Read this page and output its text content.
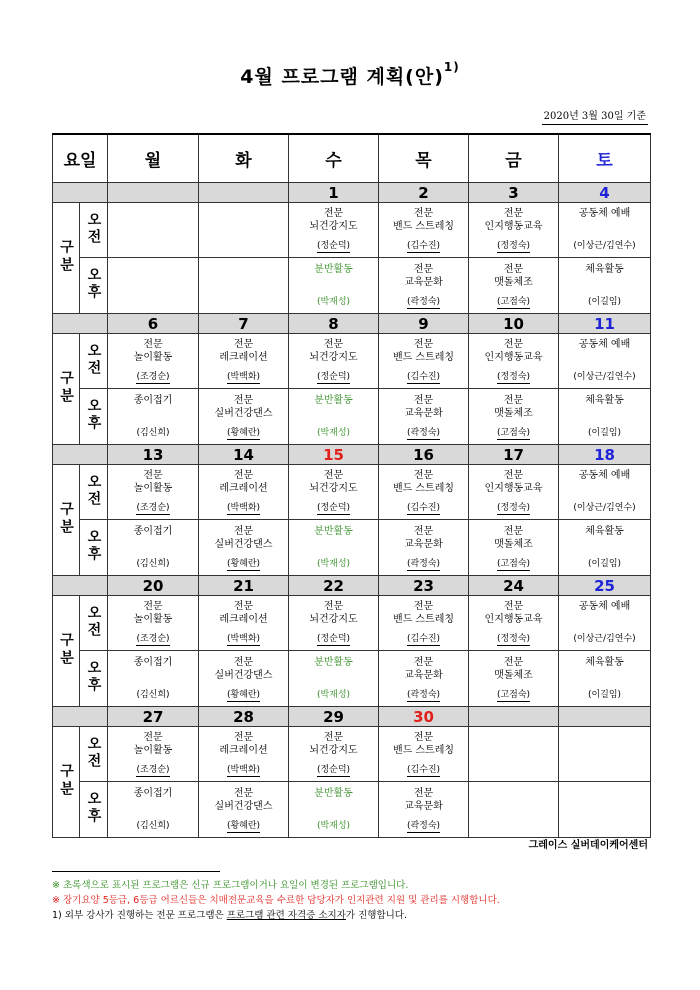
4월 프로그램 계획(안)$^{1)}$
2020년 3월 30일 기준
요일		월	화	수	목	금	토
				1	2	3	4
구분	오전			전문
뇌건강지도
(정순덕)	전문
밴드 스트레칭
(김수진)	전문
인지행동교육
(정정숙)	공동체 예배
(이상근/김연수)

	오후			분반활동
(박재성)	전문
교육문화
(곽정숙)	전문
맷돌체조
(고점숙)	체육활동
(이길임)

		6	7	8	9	10	11
구분	오전	전문
놀이활동
(조경순)	전문
레크레이션
(박백화)	전문
뇌건강지도
(정순덕)	전문
밴드 스트레칭
(김수진)	전문
인지행동교육
(정정숙)	공동체 예배
(이상근/김연수)

	오후	종이접기
(김신희)	전문
실버건강댄스
(황혜란)	분반활동
(박재성)	전문
교육문화
(곽정숙)	전문
맷돌체조
(고점숙)	체육활동
(이길임)

		13	14	15	16	17	18
구분	오전	전문
놀이활동
(조경순)	전문
레크레이션
(박백화)	전문
뇌건강지도
(정순덕)	전문
밴드 스트레칭
(김수진)	전문
인지행동교육
(정정숙)	공동체 예배
(이상근/김연수)

	오후	종이접기
(김신희)	전문
실버건강댄스
(황혜란)	분반활동
(박재성)	전문
교육문화
(곽정숙)	전문
맷돌체조
(고점숙)	체육활동
(이길임)

		20	21	22	23	24	25
구분	오전	전문
놀이활동
(조경순)	전문
레크레이션
(박백화)	전문
뇌건강지도
(정순덕)	전문
밴드 스트레칭
(김수진)	전문
인지행동교육
(정정숙)	공동체 예배
(이상근/김연수)

	오후	종이접기
(김신희)	전문
실버건강댄스
(황혜란)	분반활동
(박재성)	전문
교육문화
(곽정숙)	전문
맷돌체조
(고점숙)	체육활동
(이길임)

		27	28	29	30		
구분	오전	전문
놀이활동
(조경순)	전문
레크레이션
(박백화)	전문
뇌건강지도
(정순덕)	전문
밴드 스트레칭
(김수진)		

	오후	종이접기
(김신희)	전문
실버건강댄스
(황혜란)	분반활동
(박재성)	전문
교육문화
(곽정숙)		

그레이스 실버데이케어센터
※ 초록색으로 표시된 프로그램은 신규 프로그램이거나 요일이 변경된 프로그램입니다.
※ 장기요양 5등급, 6등급 어르신들은 치매전문교육을 수료한 담당자가 인지관련 지원 및 관리를 시행합니다.
1) 외부 강사가 진행하는 전문 프로그램은 프로그램 관련 자격증 소지자가 진행합니다.
